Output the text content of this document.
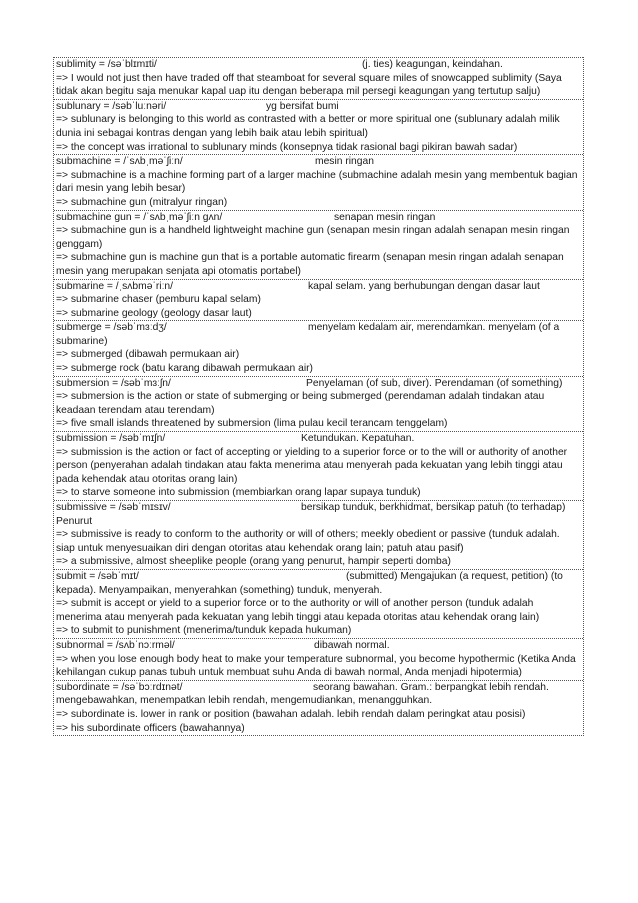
sublimity = /səˈblɪmɪti/	(j. ties) keagungan, keindahan.
=> I would not just then have traded off that steamboat for several square miles of snowcapped sublimity (Saya tidak akan begitu saja menukar kapal uap itu dengan beberapa mil persegi keagungan yang tertutup salju)
sublunary = /səbˈluːnəri/	yg bersifat bumi
=> sublunary is belonging to this world as contrasted with a better or more spiritual one (sublunary adalah milik dunia ini sebagai kontras dengan yang lebih baik atau lebih spiritual)
=> the concept was irrational to sublunary minds (konsepnya tidak rasional bagi pikiran bawah sadar)
submachine = /ˈsʌbˌməˈʃiːn/	mesin ringan
=> submachine is a machine forming part of a larger machine (submachine adalah mesin yang membentuk bagian dari mesin yang lebih besar)
=> submachine gun (mitralyur ringan)
submachine gun = /ˈsʌbˌməˈʃiːn ɡʌn/	senapan mesin ringan
=> submachine gun is a handheld lightweight machine gun (senapan mesin ringan adalah senapan mesin ringan genggam)
=> submachine gun is machine gun that is a portable automatic firearm (senapan mesin ringan adalah senapan mesin yang merupakan senjata api otomatis portabel)
submarine = /ˌsʌbməˈriːn/	kapal selam. yang berhubungan dengan dasar laut
=> submarine chaser (pemburu kapal selam)
=> submarine geology (geology dasar laut)
submerge = /səbˈmɜːdʒ/	menyelam kedalam air, merendamkan. menyelam (of a submarine)
=> submerged (dibawah permukaan air)
=> submerge rock (batu karang dibawah permukaan air)
submersion = /səbˈmɜːʃn/	Penyelaman (of sub, diver). Perendaman (of something)
=> submersion is the action or state of submerging or being submerged (perendaman adalah tindakan atau keadaan terendam atau terendam)
=> five small islands threatened by submersion (lima pulau kecil terancam tenggelam)
submission = /səbˈmɪʃn/	Ketundukan. Kepatuhan.
=> submission is the action or fact of accepting or yielding to a superior force or to the will or authority of another person (penyerahan adalah tindakan atau fakta menerima atau menyerah pada kekuatan yang lebih tinggi atau pada kehendak atau otoritas orang lain)
=> to starve someone into submission (membiarkan orang lapar supaya tunduk)
submissive = /səbˈmɪsɪv/	bersikap tunduk, berkhidmat, bersikap patuh (to terhadap) Penurut
=> submissive is ready to conform to the authority or will of others; meekly obedient or passive (tunduk adalah. siap untuk menyesuaikan diri dengan otoritas atau kehendak orang lain; patuh atau pasif)
=> a submissive, almost sheeplike people (orang yang penurut, hampir seperti domba)
submit = /səbˈmɪt/	(submitted) Mengajukan (a request, petition) (to kepada). Menyampaikan, menyerahkan (something) tunduk, menyerah.
=> submit is accept or yield to a superior force or to the authority or will of another person (tunduk adalah menerima atau menyerah pada kekuatan yang lebih tinggi atau kepada otoritas atau kehendak orang lain)
=> to submit to punishment (menerima/tunduk kepada hukuman)
subnormal = /sʌbˈnɔːrməl/	dibawah normal.
=> when you lose enough body heat to make your temperature subnormal, you become hypothermic (Ketika Anda kehilangan cukup panas tubuh untuk membuat suhu Anda di bawah normal, Anda menjadi hipotermia)
subordinate = /səˈbɔːrdɪnət/	seorang bawahan. Gram.: berpangkat lebih rendah. mengebawahkan, menempatkan lebih rendah, mengemudiankan, menangguhkan.
=> subordinate is. lower in rank or position (bawahan adalah. lebih rendah dalam peringkat atau posisi)
=> his subordinate officers (bawahannya)
